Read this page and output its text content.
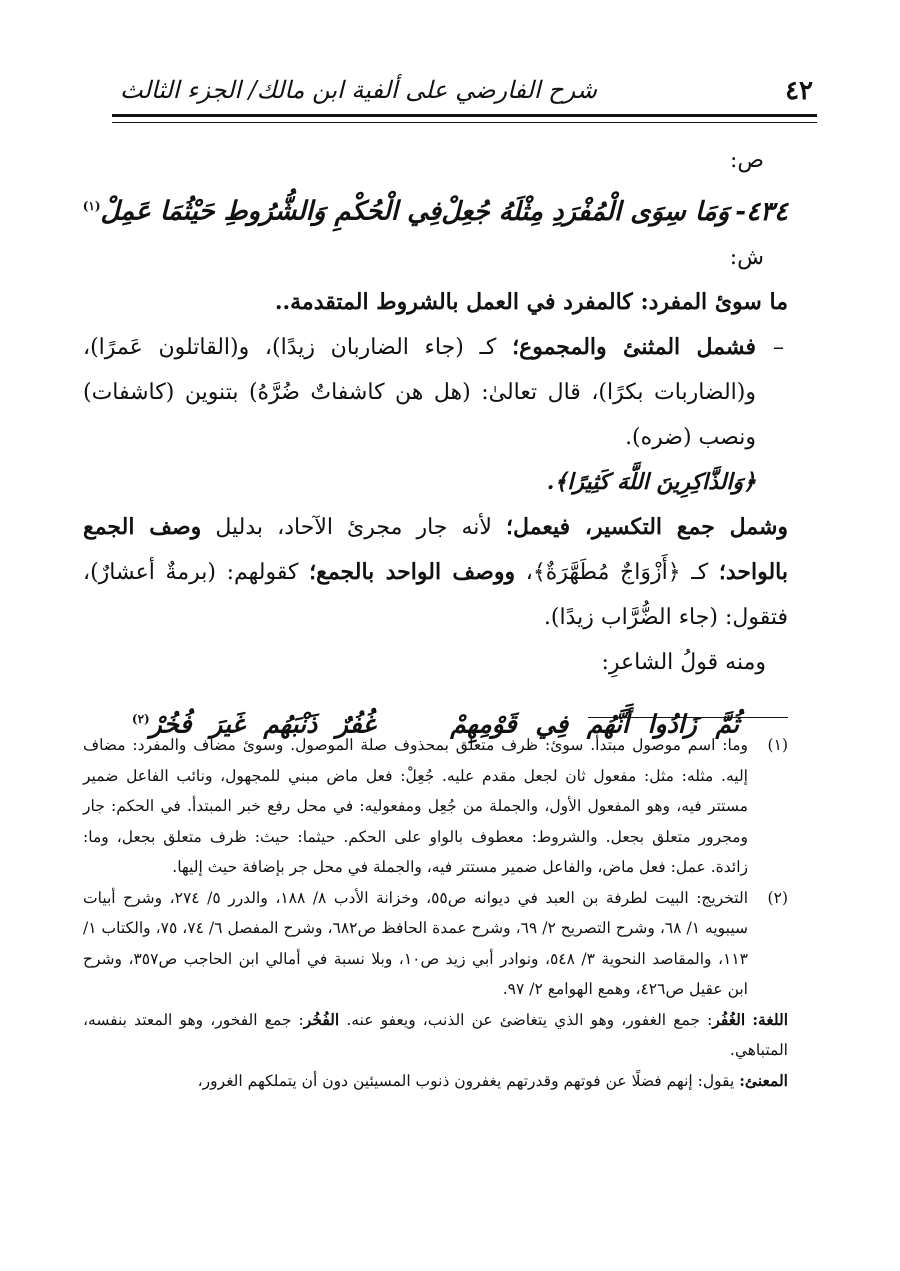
٤٢
شرح الفارضي على ألفية ابن مالك/ الجزء الثالث
ص:
٤٣٤-وَمَا سِوَى الْمُفْرَدِ مِثْلَهُ جُعِلْ
فِي الْحُكْمِ وَالشُّرُوطِ حَيْثُمَا عَمِلْ$^{(١)}$
ش:

ما سوئ المفرد: كالمفرد في العمل بالشروط المتقدمة..

–
فشمل المثنئ والمجموع؛ كـ (جاء الضاربان زيدًا)، و(القاتلون عَمرًا)، و(الضاربات بكرًا)، قال تعالىٰ: (هل هن كاشفاتٌ ضُرَّهُ) بتنوين (كاشفات) ونصب (ضره).

﴿وَالذَّاكِرِينَ اللَّهَ كَثِيرًا﴾.

وشمل جمع التكسير، فيعمل؛ لأنه جار مجرئ الآحاد، بدليل وصف الجمع بالواحد؛ كـ ﴿أَزْوَاجٌ مُطَهَّرَةٌ﴾، ووصف الواحد بالجمع؛ كقولهم: (برمةٌ أعشارٌ)، فتقول: (جاء الضُّرَّاب زيدًا).

ومنه قولُ الشاعرِ:
ثُمَّ زَادُوا أَنَّهُم فِي قَوْمِهِمْ    غُفُرٌ ذَنْبَهُم غَيرَ فُخُرْ$^{(٢)}$

(١)
وما: اسم موصول مبتدأ. سوئ: ظرف متعلق بمحذوف صلة الموصول. وسوئ مضاف والمفرد: مضاف إليه. مثله: مثل: مفعول ثان لجعل مقدم عليه. جُعِلْ: فعل ماض مبني للمجهول، ونائب الفاعل ضمير مستتر فيه، وهو المفعول الأول، والجملة من جُعِل ومفعوليه: في محل رفع خبر المبتدأ. في الحكم: جار ومجرور متعلق بجعل. والشروط: معطوف بالواو على الحكم. حيثما: حيث: ظرف متعلق بجعل، وما: زائدة. عمل: فعل ماض، والفاعل ضمير مستتر فيه، والجملة في محل جر بإضافة حيث إليها.

(٢)
التخريج: البيت لطرفة بن العبد في ديوانه ص٥٥، وخزانة الأدب ٨/ ١٨٨، والدرر ٥/ ٢٧٤، وشرح أبيات سيبويه ١/ ٦٨، وشرح التصريح ٢/ ٦٩، وشرح عمدة الحافظ ص٦٨٢، وشرح المفصل ٦/ ٧٤، ٧٥، والكتاب ١/ ١١٣، والمقاصد النحوية ٣/ ٥٤٨، ونوادر أبي زيد ص١٠، وبلا نسبة في أمالي ابن الحاجب ص٣٥٧، وشرح ابن عقيل ص٤٢٦، وهمع الهوامع ٢/ ٩٧.

اللغة: الغُفُر: جمع الغفور، وهو الذي يتغاضئ عن الذنب، ويعفو عنه. الفُخُر: جمع الفخور، وهو المعتد بنفسه، المتباهي.

المعنئ: يقول: إنهم فضلًا عن فوتهم وقدرتهم يغفرون ذنوب المسيئين دون أن يتملكهم الغرور،
